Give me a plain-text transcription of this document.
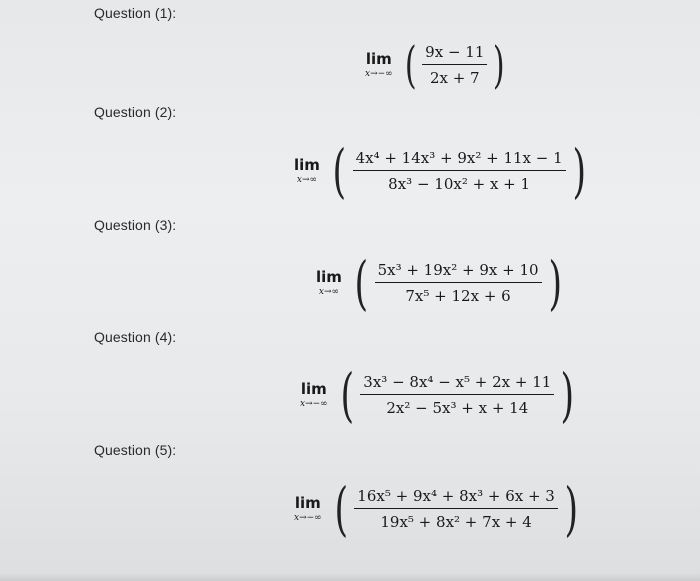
Question (1):
lim
x→−∞ ( $\frac{9x - 11}{2x + 7}$ )
Question (2):
lim
x→∞ ( $\frac{\text{4x⁴ + 14x³ + 9x² + 11x − 1}}{\text{8x³ − 10x² + x + 1}}$ )
Question (3):
lim
x→∞ ( $\frac{\text{5x³ + 19x² + 9x + 10}}{\text{7x⁵ + 12x + 6}}$ )
Question (4):
lim
x→−∞ ( $\frac{\text{3x³ − 8x⁴ − x⁵ + 2x + 11}}{\text{2x² − 5x³ + x + 14}}$ )
Question (5):
lim
x→−∞ ( $\frac{\text{16x⁵ + 9x⁴ + 8x³ + 6x + 3}}{\text{19x⁵ + 8x² + 7x + 4}}$ )
